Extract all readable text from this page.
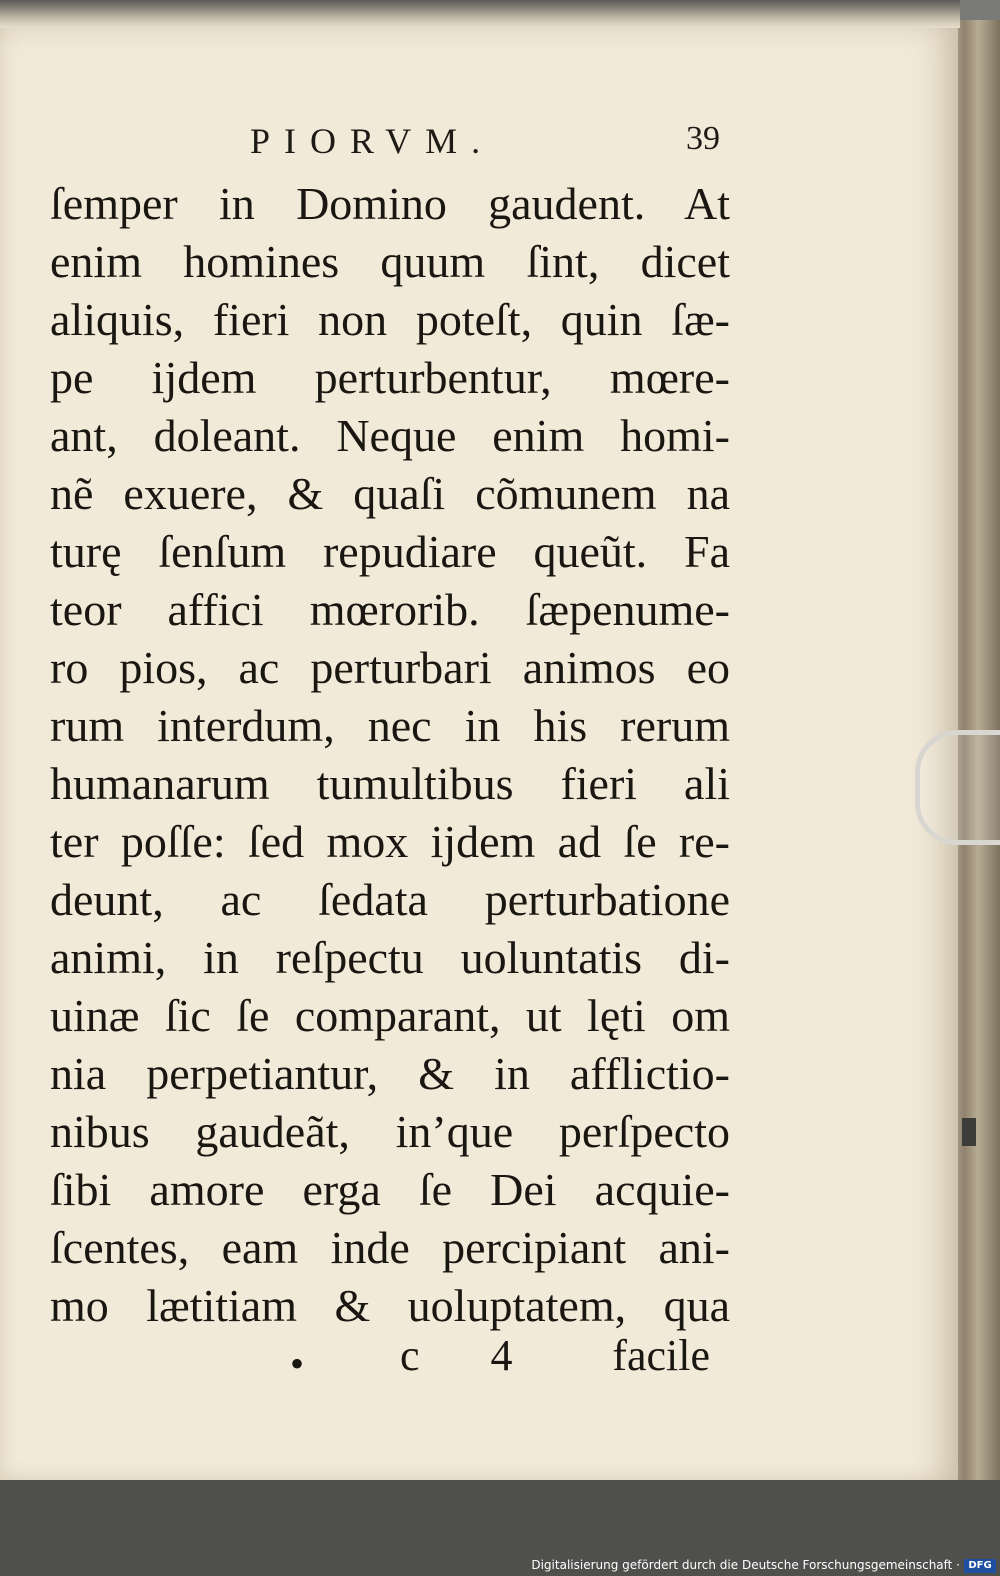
PIORVM.	39
ſemper in Domino gaudent. At
enim homines quum ſint, dicet
aliquis, fieri non poteſt, quin ſæ-
pe ijdem perturbentur, mœre-
ant, doleant. Neque enim homi-
nẽ exuere, & quaſi cõmunem na
turę ſenſum repudiare queũt. Fa
teor affici mœrorib. ſæpenume-
ro pios, ac perturbari animos eo
rum interdum, nec in his rerum
humanarum tumultibus fieri ali
ter poſſe: ſed mox ijdem ad ſe re-
deunt, ac ſedata perturbatione
animi, in reſpectu uoluntatis di-
uinæ ſic ſe comparant, ut lęti om
nia perpetiantur, & in afflictio-
nibus gaudeãt, in’que perſpecto
ſibi amore erga ſe Dei acquie-
ſcentes, eam inde percipiant ani-
mo lætitiam & uoluptatem, qua
• c 4 facile
Digitalisierung gefördert durch die Deutsche Forschungsgemeinschaft · DFG
